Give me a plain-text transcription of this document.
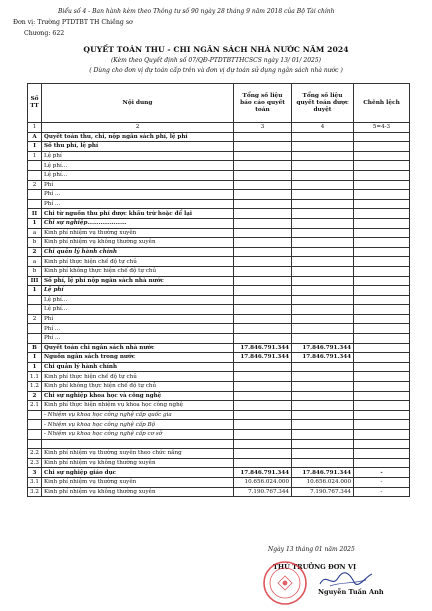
Biểu số 4 - Ban hành kèm theo Thông tư số 90 ngày 28 tháng 9 năm 2018 của Bộ Tài chính
Đơn vị: Trường PTDTBT TH Chiềng sơ
Chương: 622
QUYẾT TOÁN THU - CHI NGÂN SÁCH NHÀ NƯỚC NĂM 2024
(Kèm theo Quyết định số 07/QĐ-PTDTBTTHCSCS ngày 13/ 01/ 2025)
( Dùng cho đơn vị dự toán cấp trên và đơn vị dự toán sử dụng ngân sách nhà nước )
Số TT	Nội dung	Tổng số liệu báo cáo quyết toán	Tổng số liệu quyết toán được duyệt	Chênh lệch
1	2	3	4	5=4-3
A	Quyết toán thu, chi, nộp ngân sách phí, lệ phí			
I	Số thu phí, lệ phí			
1	Lệ phí			
	Lệ phí…			
	Lệ phí…			
2	Phí			
	Phí …			
	Phí …			
II	Chi từ nguồn thu phí được khấu trừ hoặc để lại			
1	Chi sự nghiệp…………………			
a	Kinh phí nhiệm vụ thường xuyên			
b	Kinh phí nhiệm vụ không thường xuyên			
2	Chi quản lý hành chính			
a	Kinh phí thực hiện chế độ tự chủ			
b	Kinh phí không thực hiện chế độ tự chủ			
III	Số phí, lệ phí nộp ngân sách nhà nước			
1	Lệ phí			
	Lệ phí…			
	Lệ phí…			
2	Phí			
	Phí …			
	Phí …			
B	Quyết toán chi ngân sách nhà nước	17.846.791.344	17.846.791.344	
I	Nguồn ngân sách trong nước	17.846.791.344	17.846.791.344	
1	Chi quản lý hành chính			
1.1	Kinh phí thực hiện chế độ tự chủ			
1.2	Kinh phí không thực hiện chế độ tự chủ			
2	Chi sự nghiệp khoa học và công nghệ			
2.1	Kinh phí thực hiện nhiệm vụ khoa học công nghệ			
	- Nhiệm vụ khoa học công nghệ cấp quốc gia			
	- Nhiệm vụ khoa học công nghệ cấp Bộ			
	- Nhiệm vụ khoa học công nghệ cấp cơ sở			

2.2	Kinh phí nhiệm vụ thường xuyên theo chức năng			
2.3	Kinh phí nhiệm vụ không thường xuyên			
3	Chi sự nghiệp giáo dục	17.846.791.344	17.846.791.344	-
3.1	Kinh phí nhiệm vụ thường xuyên	10.656.024.000	10.656.024.000	-
3.2	Kinh phí nhiệm vụ không thường xuyên	7.190.767.344	7.190.767.344	-
Ngày 13 tháng 01 năm 2025
THỦ TRƯỞNG ĐƠN VỊ
Nguyễn Tuấn Anh
